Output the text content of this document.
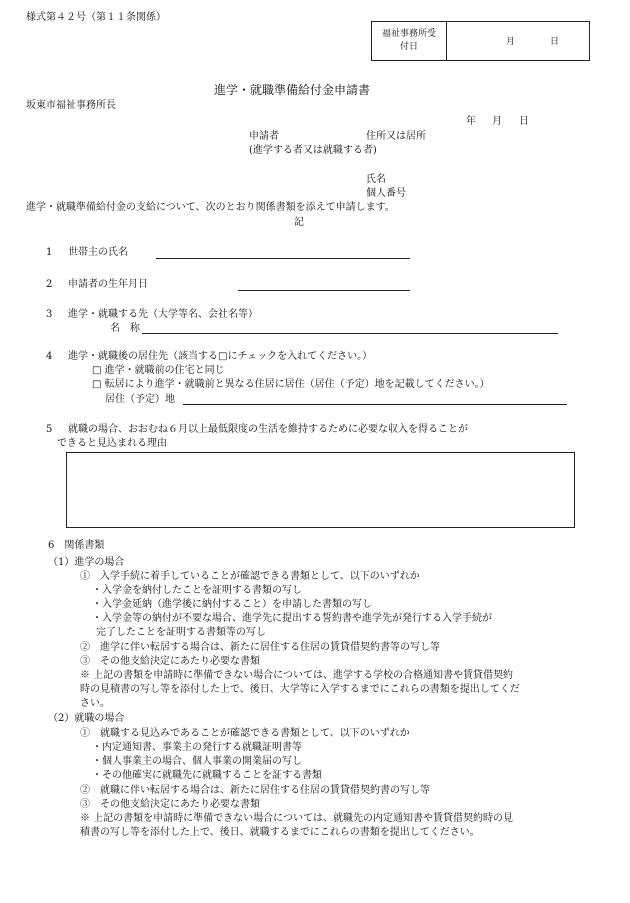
様式第４２号（第１１条関係）
福祉事務所受
付日	月	日
進学・就職準備給付金申請書
坂東市福祉事務所長
年 月 日
申請者	住所又は居所
(進学する者又は就職する者)
氏名
個人番号
進学・就職準備給付金の支給について、次のとおり関係書類を添えて申請します。
記
1 世帯主の氏名
2 申請者の生年月日
3 進学・就職する先（大学等名、会社名等）
名　称
4 進学・就職後の居住先（該当する□にチェックを入れてください。）
□ 進学・就職前の住宅と同じ
□ 転居により進学・就職前と異なる住居に居住（居住（予定）地を記載してください。）
居住（予定）地
5 就職の場合、おおむね６月以上最低限度の生活を維持するために必要な収入を得ることが
できると見込まれる理由
6　関係書類
（1）進学の場合
①　入学手続に着手していることが確認できる書類として、以下のいずれか
・入学金を納付したことを証明する書類の写し
・入学金延納（進学後に納付すること）を申請した書類の写し
・入学金等の納付が不要な場合、進学先に提出する誓約書や進学先が発行する入学手続が
完了したことを証明する書類等の写し
②　進学に伴い転居する場合は、新たに居住する住居の賃貸借契約書等の写し等
③　その他支給決定にあたり必要な書類
※ 上記の書類を申請時に準備できない場合については、進学する学校の合格通知書や賃貸借契約
時の見積書の写し等を添付した上で、後日、大学等に入学するまでにこれらの書類を提出してくだ
さい。
（2）就職の場合
①　就職する見込みであることが確認できる書類として、以下のいずれか
・内定通知書、事業主の発行する就職証明書等
・個人事業主の場合、個人事業の開業届の写し
・その他確実に就職先に就職することを証する書類
②　就職に伴い転居する場合は、新たに居住する住居の賃貸借契約書の写し等
③　その他支給決定にあたり必要な書類
※ 上記の書類を申請時に準備できない場合については、就職先の内定通知書や賃貸借契約時の見
積書の写し等を添付した上で、後日、就職するまでにこれらの書類を提出してください。
